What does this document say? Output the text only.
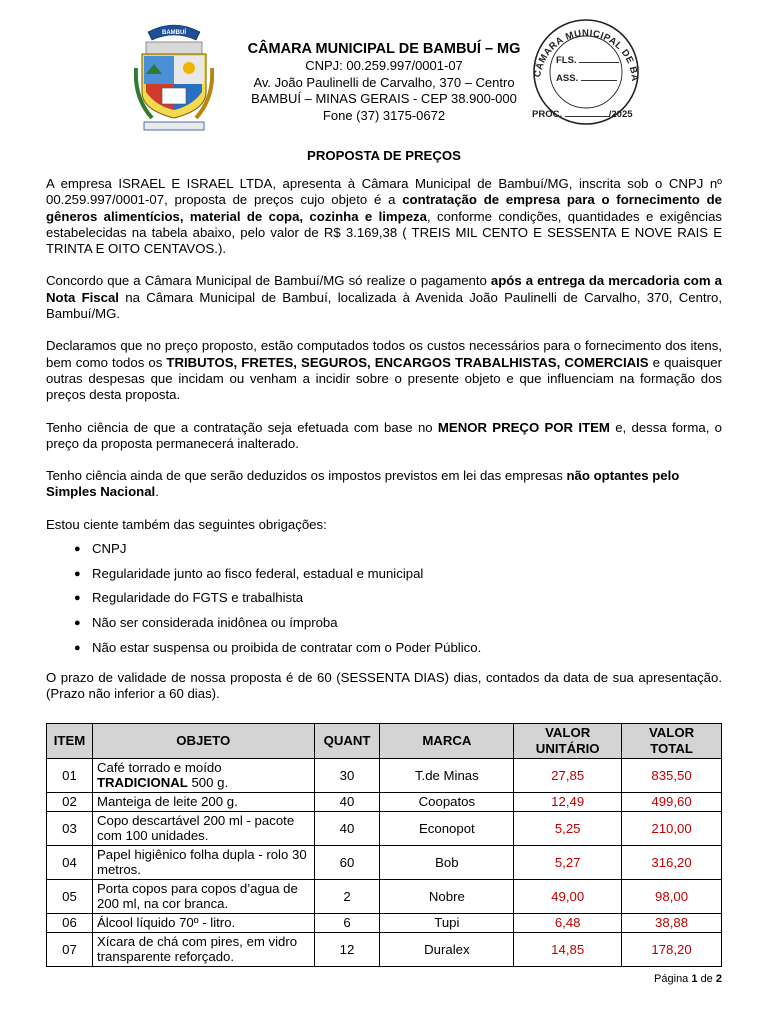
BAMBUÍ
CÂMARA MUNICIPAL DE BAMBUÍ – MG
CNPJ: 00.259.997/0001-07
Av. João Paulinelli de Carvalho, 370 – Centro
BAMBUÍ – MINAS GERAIS - CEP 38.900-000
Fone (37) 3175-0672
CÂMARA MUNICIPAL DE BA
FLS.
ASS.
PROC.	/2025
PROPOSTA DE PREÇOS

A empresa ISRAEL E ISRAEL LTDA, apresenta à Câmara Municipal de Bambuí/MG, inscrita sob o CNPJ nº 00.259.997/0001-07, proposta de preços cujo objeto é a contratação de empresa para o fornecimento de gêneros alimentícios, material de copa, cozinha e limpeza, conforme condições, quantidades e exigências estabelecidas na tabela abaixo, pelo valor de R$ 3.169,38 ( TREIS MIL CENTO E SESSENTA E NOVE RAIS E TRINTA E OITO CENTAVOS.).

Concordo que a Câmara Municipal de Bambuí/MG só realize o pagamento após a entrega da mercadoria com a Nota Fiscal na Câmara Municipal de Bambuí, localizada à Avenida João Paulinelli de Carvalho, 370, Centro, Bambuí/MG.

Declaramos que no preço proposto, estão computados todos os custos necessários para o fornecimento dos itens, bem como todos os TRIBUTOS, FRETES, SEGUROS, ENCARGOS TRABALHISTAS, COMERCIAIS e quaisquer outras despesas que incidam ou venham a incidir sobre o presente objeto e que influenciam na formação dos preços desta proposta.

Tenho ciência de que a contratação seja efetuada com base no MENOR PREÇO POR ITEM e, dessa forma, o preço da proposta permanecerá inalterado.

Tenho ciência ainda de que serão deduzidos os impostos previstos em lei das empresas não optantes pelo Simples Nacional.

Estou ciente também das seguintes obrigações:

● CNPJ
● Regularidade junto ao fisco federal, estadual e municipal
● Regularidade do FGTS e trabalhista
● Não ser considerada inidônea ou ímproba
● Não estar suspensa ou proibida de contratar com o Poder Público.

O prazo de validade de nossa proposta é de 60 (SESSENTA DIAS) dias, contados da data de sua apresentação. (Prazo não inferior a 60 dias).

ITEM	OBJETO	QUANT	MARCA	VALOR UNITÁRIO	VALOR TOTAL
01	Café torrado e moído TRADICIONAL 500 g.	30	T.de Minas	27,85	835,50
02	Manteiga de leite 200 g.	40	Coopatos	12,49	499,60
03	Copo descartável 200 ml - pacote com 100 unidades.	40	Econopot	5,25	210,00
04	Papel higiênico folha dupla - rolo 30 metros.	60	Bob	5,27	316,20
05	Porta copos para copos d’agua de 200 ml, na cor branca.	2	Nobre	49,00	98,00
06	Álcool líquido 70º - litro.	6	Tupi	6,48	38,88
07	Xícara de chá com pires, em vidro transparente reforçado.	12	Duralex	14,85	178,20
Página 1 de 2
